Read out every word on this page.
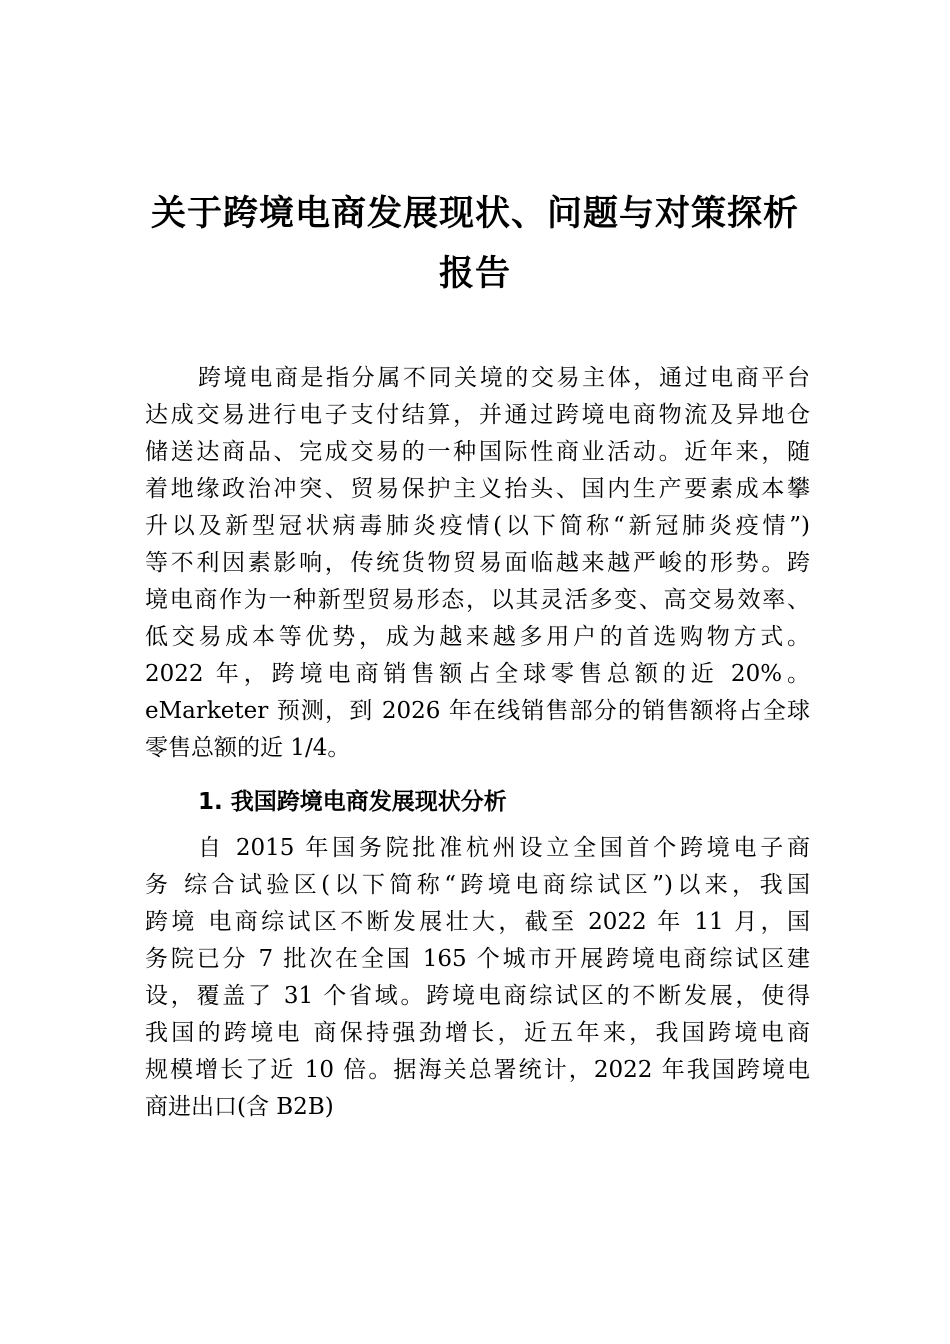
关于跨境电商发展现状、问题与对策探析
报告
跨境电商是指分属不同关境的交易主体，通过电商平台
达成交易进行电子支付结算，并通过跨境电商物流及异地仓
储送达商品、完成交易的一种国际性商业活动。近年来，随
着地缘政治冲突、贸易保护主义抬头、国内生产要素成本攀
升以及新型冠状病毒肺炎疫情(以下简称“新冠肺炎疫情”)
等不利因素影响，传统货物贸易面临越来越严峻的形势。跨
境电商作为一种新型贸易形态，以其灵活多变、高交易效率、
低交易成本等优势，成为越来越多用户的首选购物方式。
2022 年，跨境电商销售额占全球零售总额的近 20%。
eMarketer 预测，到 2026 年在线销售部分的销售额将占全球
零售总额的近 1/4。
1. 我国跨境电商发展现状分析
自 2015 年国务院批准杭州设立全国首个跨境电子商
务 综合试验区(以下简称“跨境电商综试区”)以来，我国
跨境 电商综试区不断发展壮大，截至 2022 年 11 月，国
务院已分 7 批次在全国 165 个城市开展跨境电商综试区建
设，覆盖了 31 个省域。跨境电商综试区的不断发展，使得
我国的跨境电 商保持强劲增长，近五年来，我国跨境电商
规模增长了近 10 倍。据海关总署统计，2022 年我国跨境电
商进出口(含 B2B)
